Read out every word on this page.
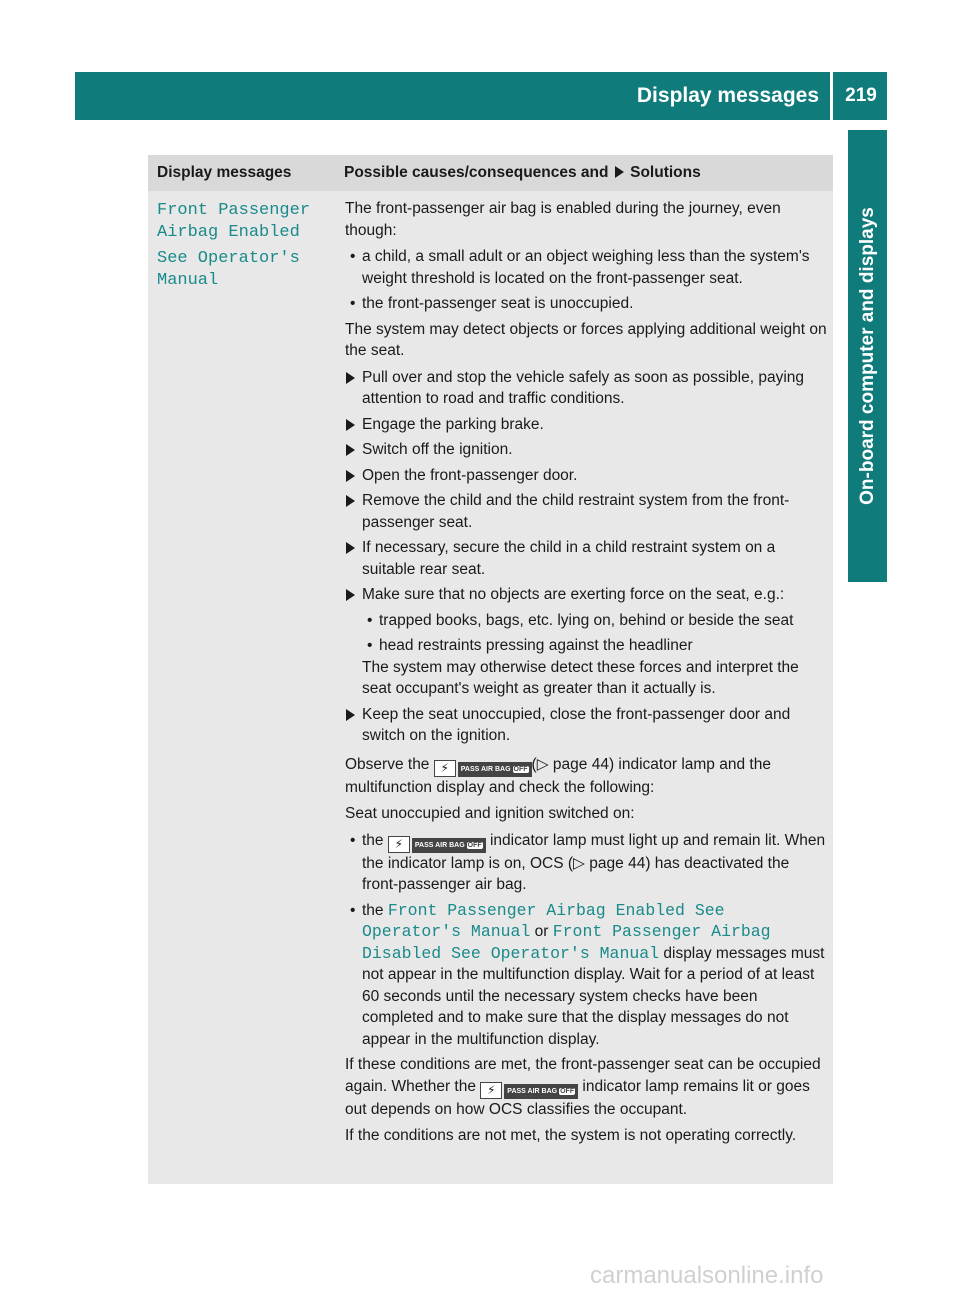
Display messages	219
On-board computer and displays
Display messages	Possible causes/consequences and Solutions
Front Passenger
Airbag Enabled
See Operator's
Manual

The front-passenger air bag is enabled during the journey, even though:

• a child, a small adult or an object weighing less than the system's weight threshold is located on the front-passenger seat.
• the front-passenger seat is unoccupied.

The system may detect objects or forces applying additional weight on the seat.

Pull over and stop the vehicle safely as soon as possible, paying attention to road and traffic conditions.
Engage the parking brake.
Switch off the ignition.
Open the front-passenger door.
Remove the child and the child restraint system from the front-passenger seat.
If necessary, secure the child in a child restraint system on a suitable rear seat.
Make sure that no objects are exerting force on the seat, e.g.:
• trapped books, bags, etc. lying on, behind or beside the seat
• head restraints pressing against the headliner
The system may otherwise detect these forces and interpret the seat occupant's weight as greater than it actually is.
Keep the seat unoccupied, close the front-passenger door and switch on the ignition.

Observe the ⚡ PASS AIR BAG OFF (▷ page 44) indicator lamp and the multifunction display and check the following:

Seat unoccupied and ignition switched on:

• the ⚡ PASS AIR BAG OFF indicator lamp must light up and remain lit. When the indicator lamp is on, OCS (▷ page 44) has deactivated the front-passenger air bag.
• the Front Passenger Airbag Enabled See Operator's Manual or Front Passenger Airbag Disabled See Operator's Manual display messages must not appear in the multifunction display. Wait for a period of at least 60 seconds until the necessary system checks have been completed and to make sure that the display messages do not appear in the multifunction display.

If these conditions are met, the front-passenger seat can be occupied again. Whether the ⚡ PASS AIR BAG OFF indicator lamp remains lit or goes out depends on how OCS classifies the occupant.

If the conditions are not met, the system is not operating correctly.

carmanualsonline.info
